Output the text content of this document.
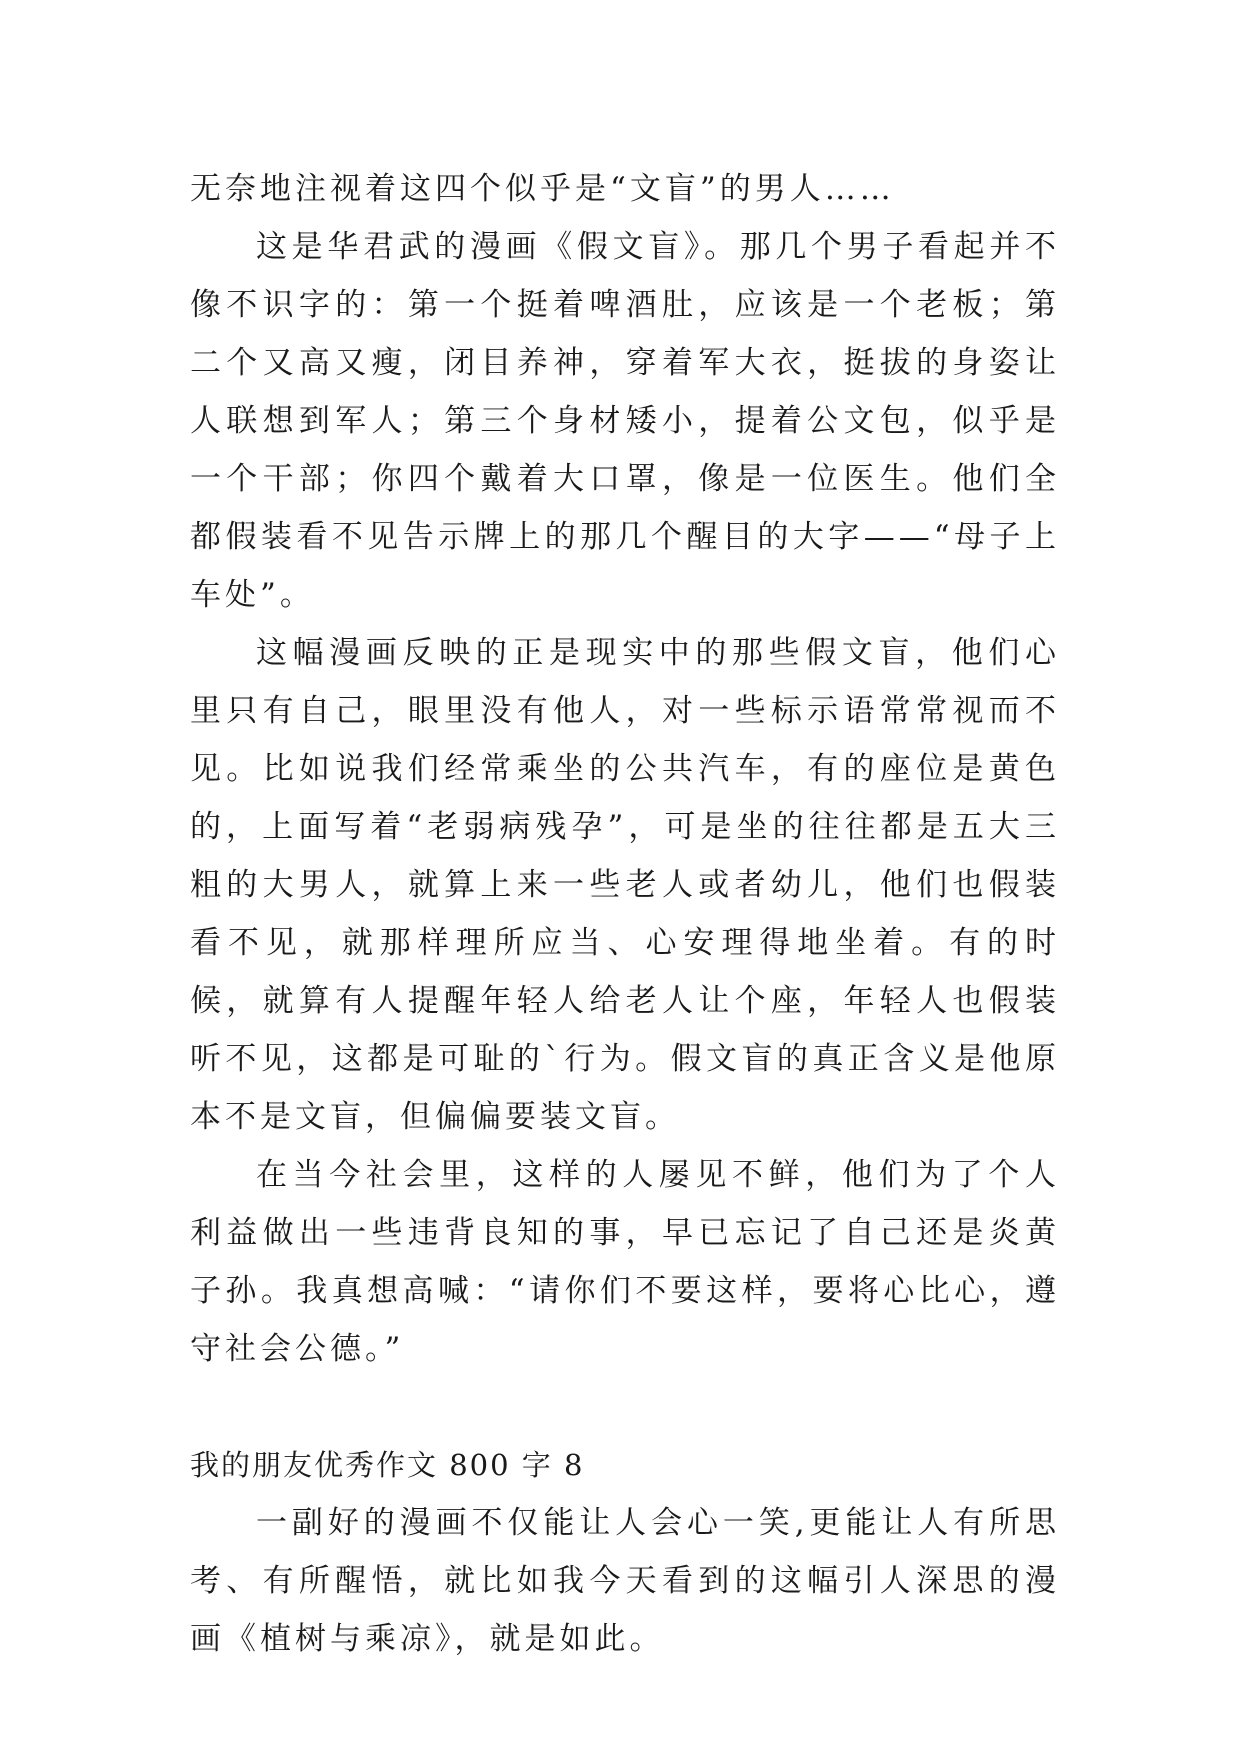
无奈地注视着这四个似乎是“文盲”的男人……

这是华君武的漫画《假文盲》。那几个男子看起并不像不识字的：第一个挺着啤酒肚，应该是一个老板；第二个又高又瘦，闭目养神，穿着军大衣，挺拔的身姿让人联想到军人；第三个身材矮小，提着公文包，似乎是一个干部；你四个戴着大口罩，像是一位医生。他们全都假装看不见告示牌上的那几个醒目的大字——“母子上车处”。

这幅漫画反映的正是现实中的那些假文盲，他们心里只有自己，眼里没有他人，对一些标示语常常视而不见。比如说我们经常乘坐的公共汽车，有的座位是黄色的，上面写着“老弱病残孕”，可是坐的往往都是五大三粗的大男人，就算上来一些老人或者幼儿，他们也假装看不见，就那样理所应当、心安理得地坐着。有的时候，就算有人提醒年轻人给老人让个座，年轻人也假装听不见，这都是可耻的`行为。假文盲的真正含义是他原本不是文盲，但偏偏要装文盲。

在当今社会里，这样的人屡见不鲜，他们为了个人利益做出一些违背良知的事，早已忘记了自己还是炎黄子孙。我真想高喊：“请你们不要这样，要将心比心，遵守社会公德。”

我的朋友优秀作文 800 字 8

一副好的漫画不仅能让人会心一笑,更能让人有所思考、有所醒悟，就比如我今天看到的这幅引人深思的漫画《植树与乘凉》，就是如此。
